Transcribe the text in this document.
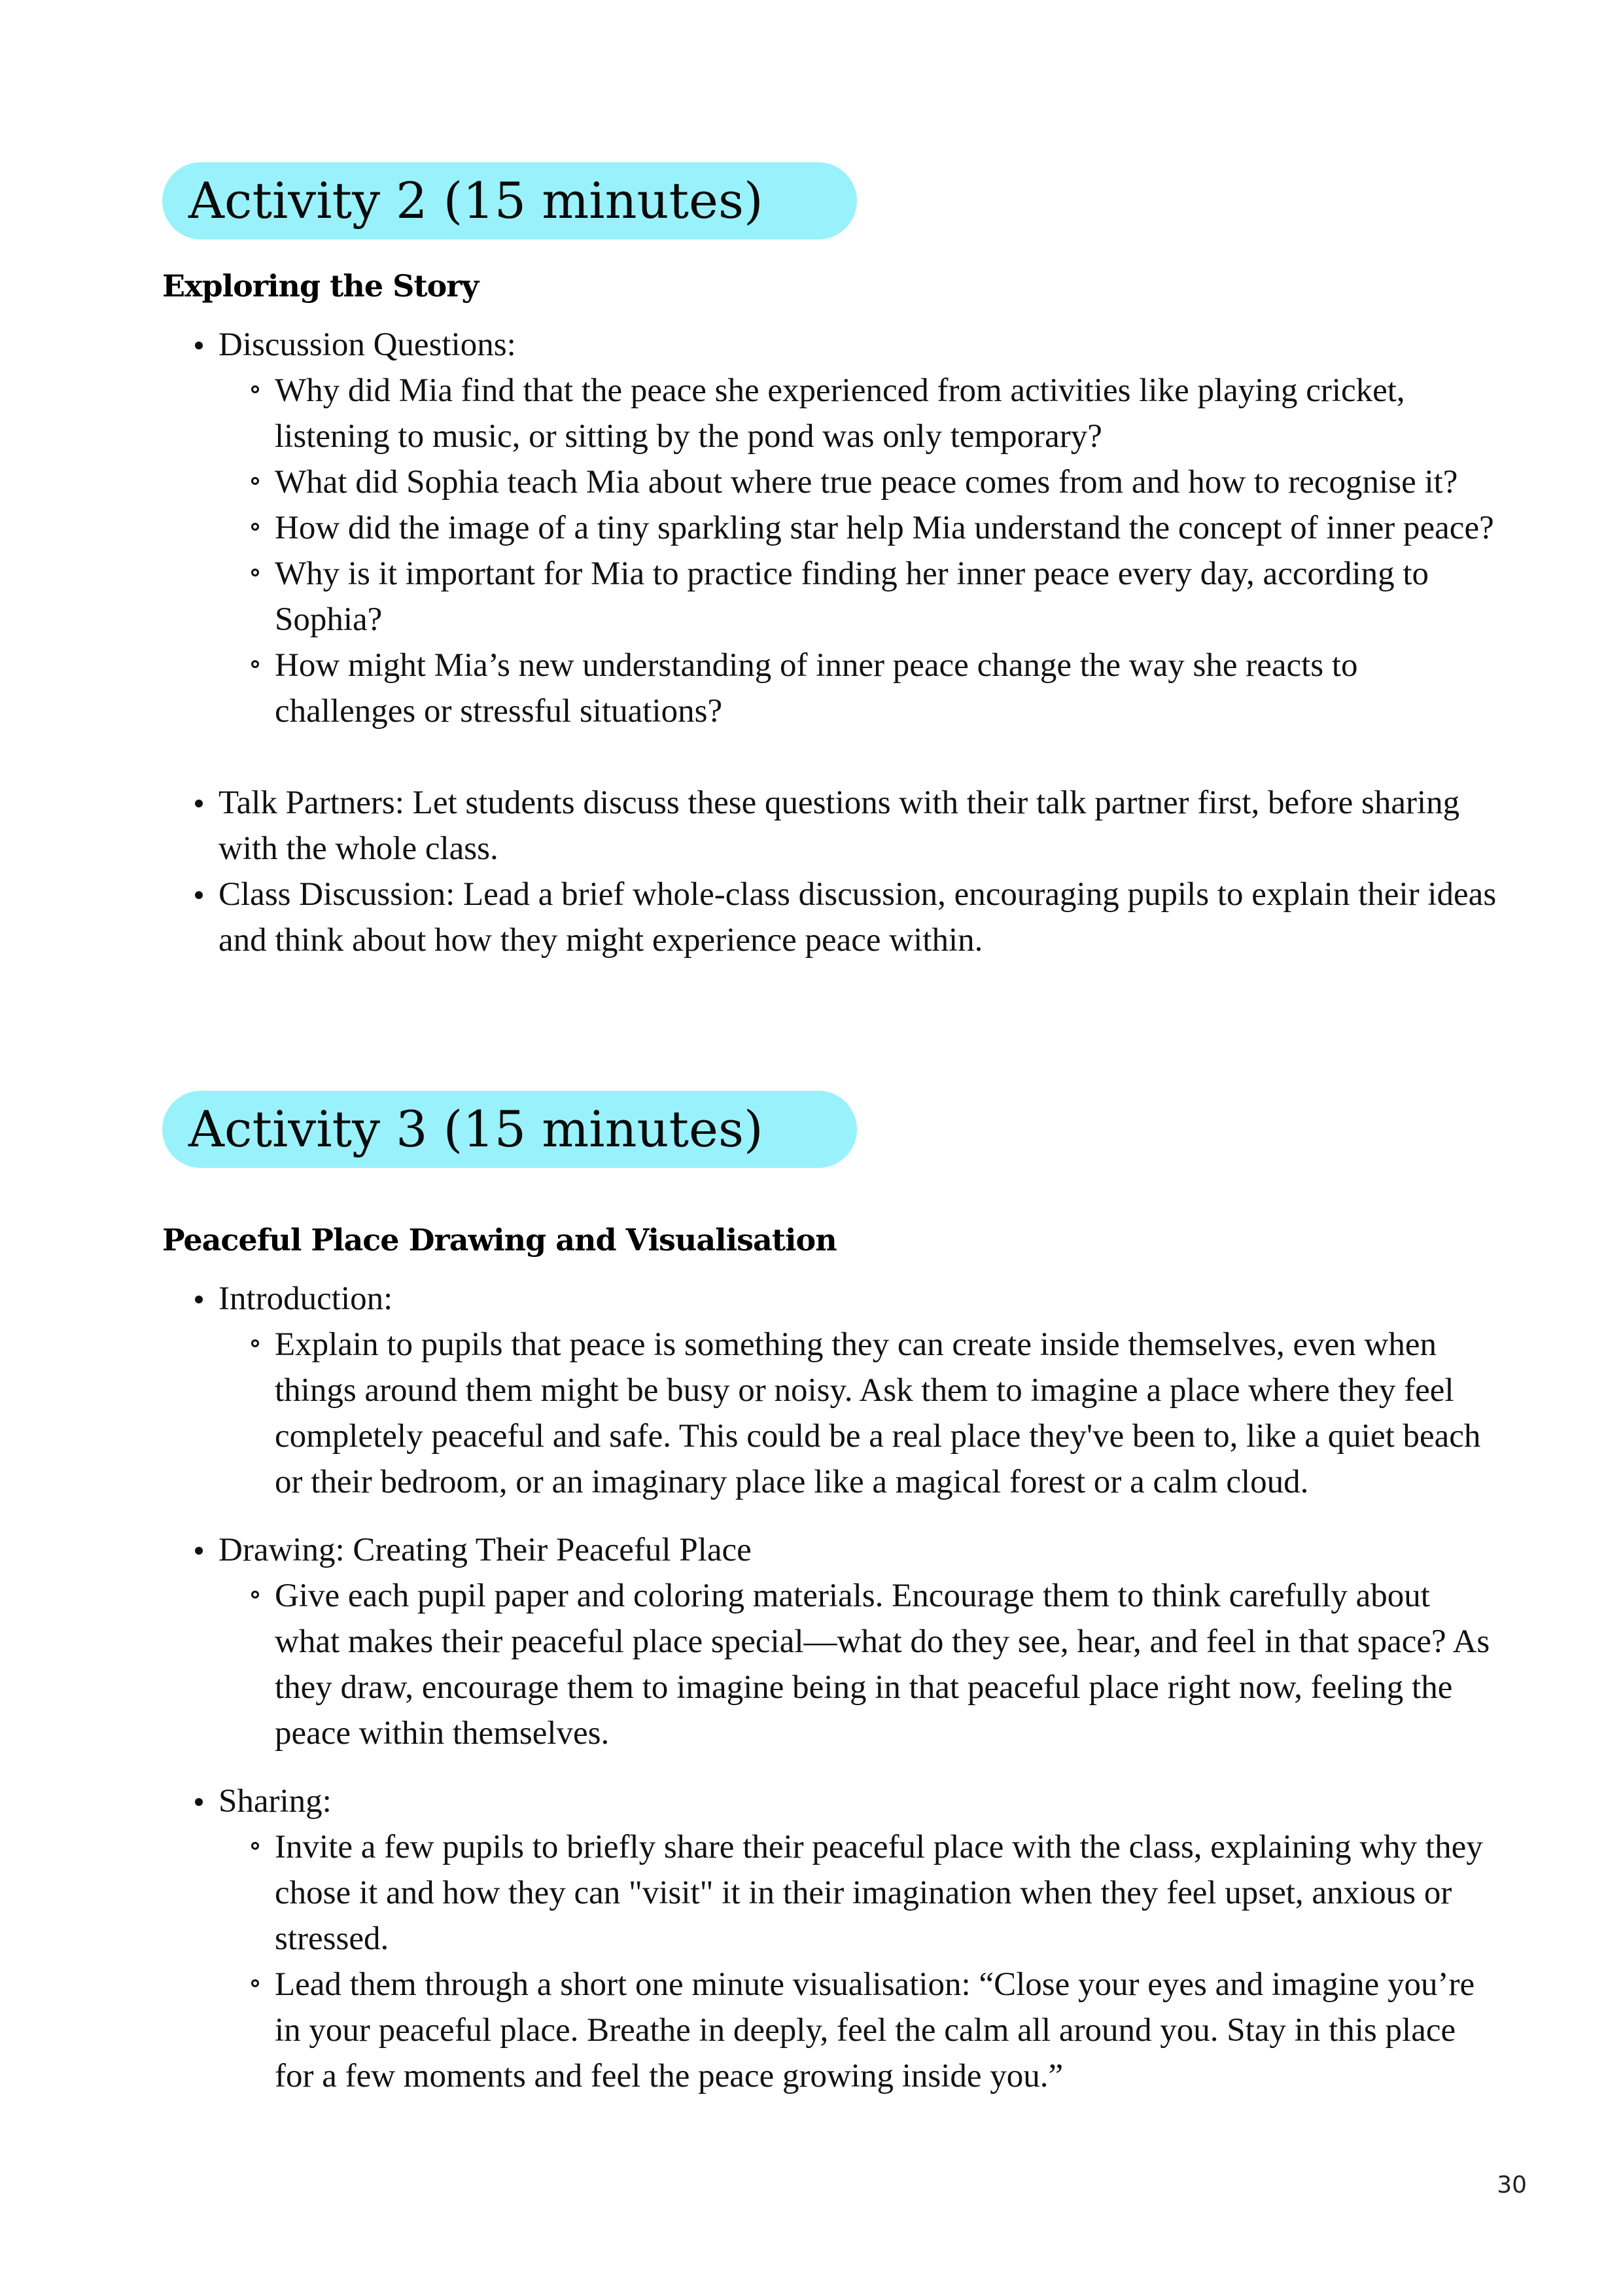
Activity 2 (15 minutes)
Exploring the Story
Discussion Questions:
Why did Mia find that the peace she experienced from activities like playing cricket, listening to music, or sitting by the pond was only temporary?
What did Sophia teach Mia about where true peace comes from and how to recognise it?
How did the image of a tiny sparkling star help Mia understand the concept of inner peace?
Why is it important for Mia to practice finding her inner peace every day, according to Sophia?
How might Mia’s new understanding of inner peace change the way she reacts to challenges or stressful situations?
Talk Partners: Let students discuss these questions with their talk partner first, before sharing with the whole class.
Class Discussion: Lead a brief whole-class discussion, encouraging pupils to explain their ideas and think about how they might experience peace within.
Activity 3 (15 minutes)
Peaceful Place Drawing and Visualisation
Introduction:
Explain to pupils that peace is something they can create inside themselves, even when things around them might be busy or noisy. Ask them to imagine a place where they feel completely peaceful and safe. This could be a real place they've been to, like a quiet beach or their bedroom, or an imaginary place like a magical forest or a calm cloud.
Drawing: Creating Their Peaceful Place
Give each pupil paper and coloring materials. Encourage them to think carefully about what makes their peaceful place special—what do they see, hear, and feel in that space? As they draw, encourage them to imagine being in that peaceful place right now, feeling the peace within themselves.
Sharing:
Invite a few pupils to briefly share their peaceful place with the class, explaining why they chose it and how they can "visit" it in their imagination when they feel upset, anxious or stressed.
Lead them through a short one minute visualisation: “Close your eyes and imagine you’re in your peaceful place. Breathe in deeply, feel the calm all around you. Stay in this place for a few moments and feel the peace growing inside you.”
30
